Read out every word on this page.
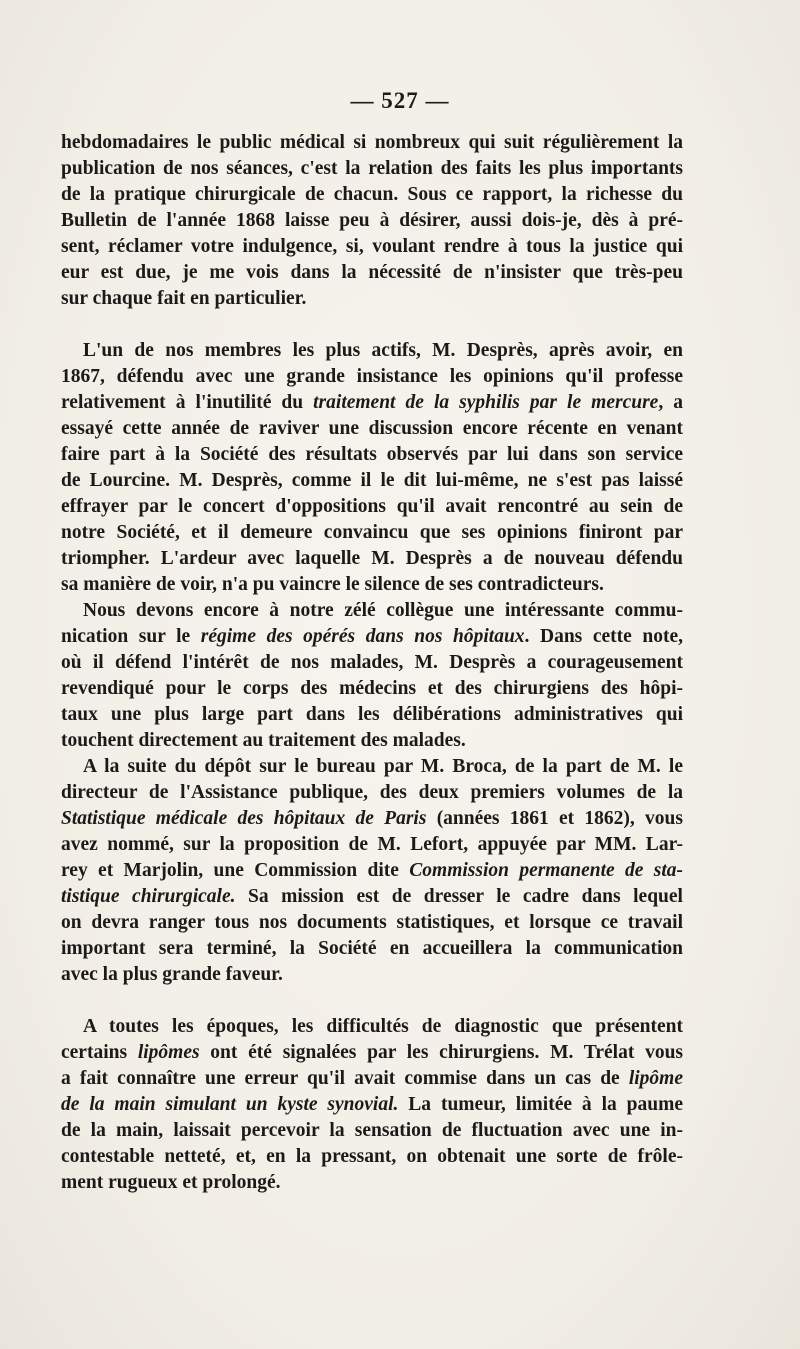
— 527 —

hebdomadaires le public médical si nombreux qui suit régulièrement la
publication de nos séances, c'est la relation des faits les plus importants
de la pratique chirurgicale de chacun. Sous ce rapport, la richesse du
Bulletin de l'année 1868 laisse peu à désirer, aussi dois-je, dès à pré-
sent, réclamer votre indulgence, si, voulant rendre à tous la justice qui
eur est due, je me vois dans la nécessité de n'insister que très-peu
sur chaque fait en particulier.

L'un de nos membres les plus actifs, M. Desprès, après avoir, en
1867, défendu avec une grande insistance les opinions qu'il professe
relativement à l'inutilité du traitement de la syphilis par le mercure, a
essayé cette année de raviver une discussion encore récente en venant
faire part à la Société des résultats observés par lui dans son service
de Lourcine. M. Desprès, comme il le dit lui-même, ne s'est pas laissé
effrayer par le concert d'oppositions qu'il avait rencontré au sein de
notre Société, et il demeure convaincu que ses opinions finiront par
triompher. L'ardeur avec laquelle M. Desprès a de nouveau défendu
sa manière de voir, n'a pu vaincre le silence de ses contradicteurs.

Nous devons encore à notre zélé collègue une intéressante commu-
nication sur le régime des opérés dans nos hôpitaux. Dans cette note,
où il défend l'intérêt de nos malades, M. Desprès a courageusement
revendiqué pour le corps des médecins et des chirurgiens des hôpi-
taux une plus large part dans les délibérations administratives qui
touchent directement au traitement des malades.

A la suite du dépôt sur le bureau par M. Broca, de la part de M. le
directeur de l'Assistance publique, des deux premiers volumes de la
Statistique médicale des hôpitaux de Paris (années 1861 et 1862), vous
avez nommé, sur la proposition de M. Lefort, appuyée par MM. Lar-
rey et Marjolin, une Commission dite Commission permanente de sta-
tistique chirurgicale. Sa mission est de dresser le cadre dans lequel
on devra ranger tous nos documents statistiques, et lorsque ce travail
important sera terminé, la Société en accueillera la communication
avec la plus grande faveur.

A toutes les époques, les difficultés de diagnostic que présentent
certains lipômes ont été signalées par les chirurgiens. M. Trélat vous
a fait connaître une erreur qu'il avait commise dans un cas de lipôme
de la main simulant un kyste synovial. La tumeur, limitée à la paume
de la main, laissait percevoir la sensation de fluctuation avec une in-
contestable netteté, et, en la pressant, on obtenait une sorte de frôle-
ment rugueux et prolongé.
